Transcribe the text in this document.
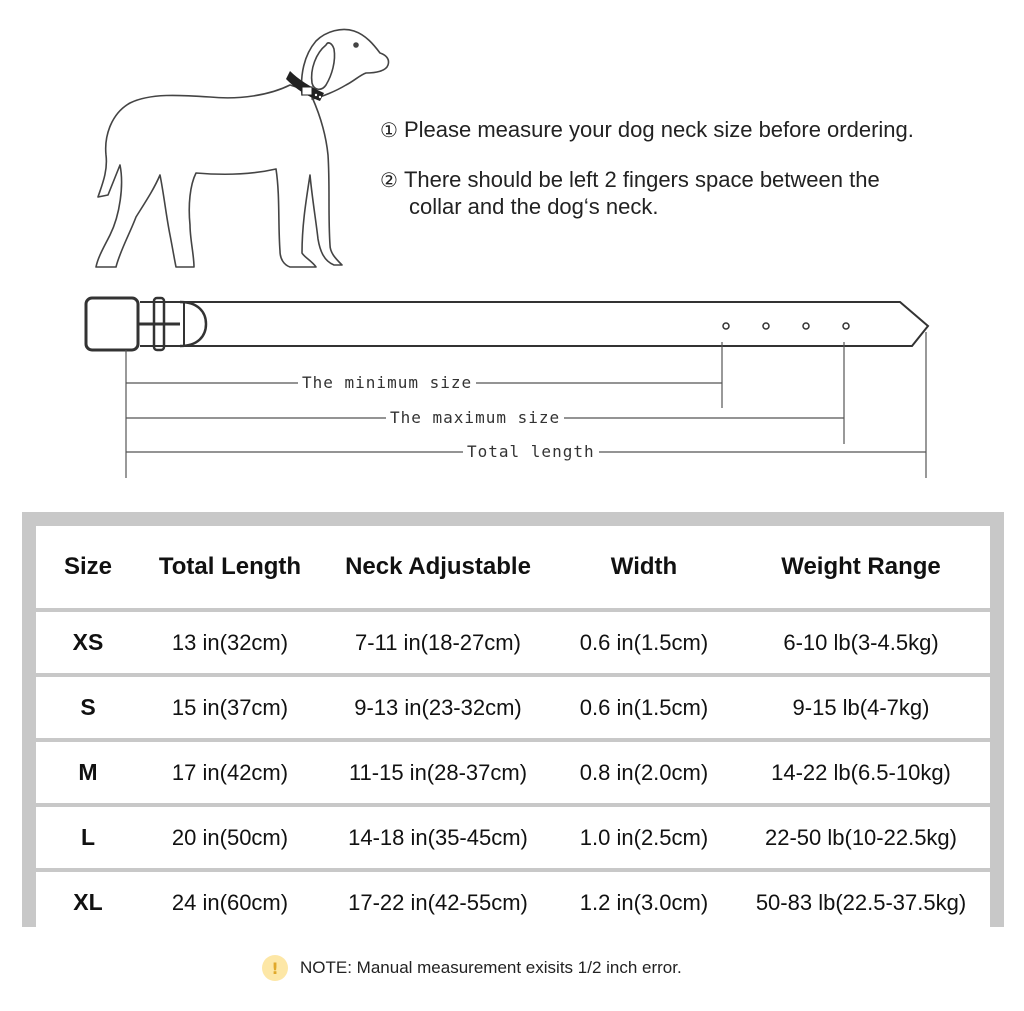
① Please measure your dog neck size before ordering.
② There should be left 2 fingers space between the
collar and the dog‘s neck.
The minimum size
The maximum size
Total length
Size	Total Length	Neck Adjustable	Width	Weight Range
XS	13 in(32cm)	7-11 in(18-27cm)	0.6 in(1.5cm)	6-10 lb(3-4.5kg)
S	15 in(37cm)	9-13 in(23-32cm)	0.6 in(1.5cm)	9-15 lb(4-7kg)
M	17 in(42cm)	11-15 in(28-37cm)	0.8 in(2.0cm)	14-22 lb(6.5-10kg)
L	20 in(50cm)	14-18 in(35-45cm)	1.0 in(2.5cm)	22-50 lb(10-22.5kg)
XL	24 in(60cm)	17-22 in(42-55cm)	1.2 in(3.0cm)	50-83 lb(22.5-37.5kg)
!	NOTE: Manual measurement exisits 1/2 inch error.
